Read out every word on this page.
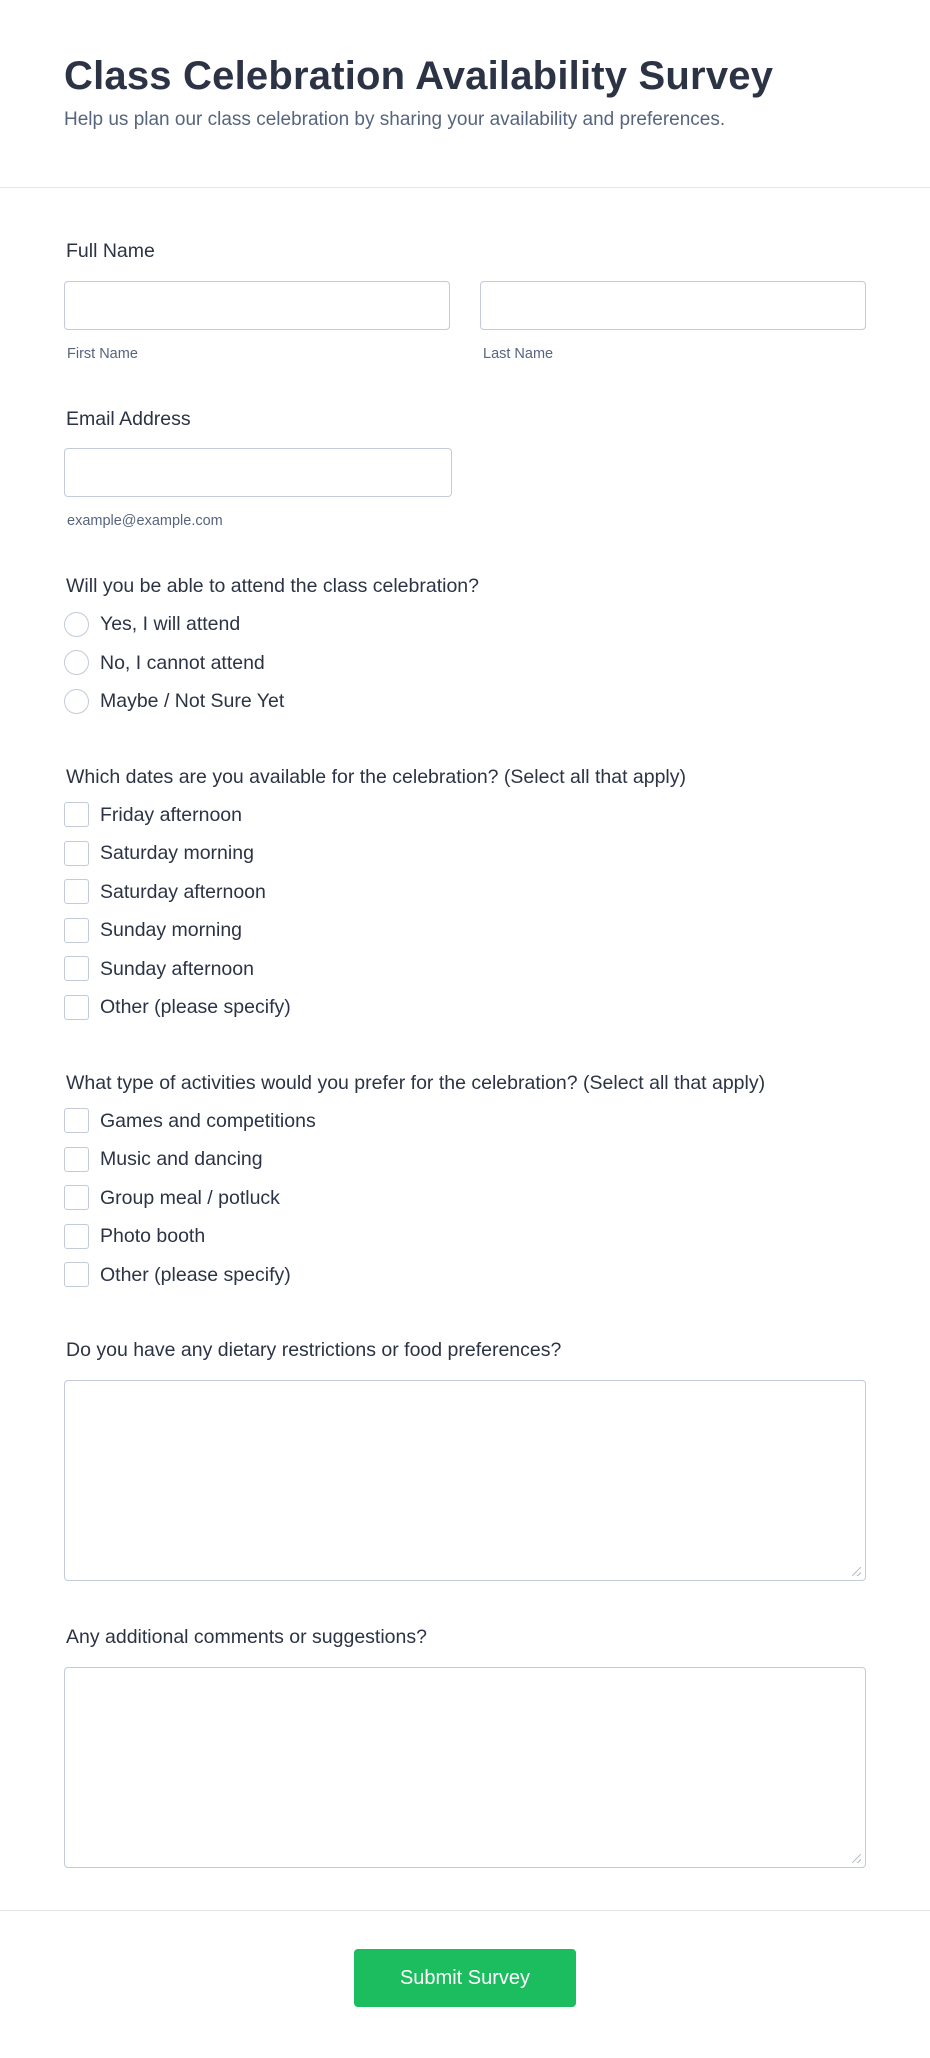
Class Celebration Availability Survey

Help us plan our class celebration by sharing your availability and preferences.

Full Name
First Name	Last Name
Email Address
example@example.com
Will you be able to attend the class celebration?
Yes, I will attend
No, I cannot attend
Maybe / Not Sure Yet
Which dates are you available for the celebration? (Select all that apply)
Friday afternoon
Saturday morning
Saturday afternoon
Sunday morning
Sunday afternoon
Other (please specify)
What type of activities would you prefer for the celebration? (Select all that apply)
Games and competitions
Music and dancing
Group meal / potluck
Photo booth
Other (please specify)
Do you have any dietary restrictions or food preferences?
Any additional comments or suggestions?
Submit Survey
